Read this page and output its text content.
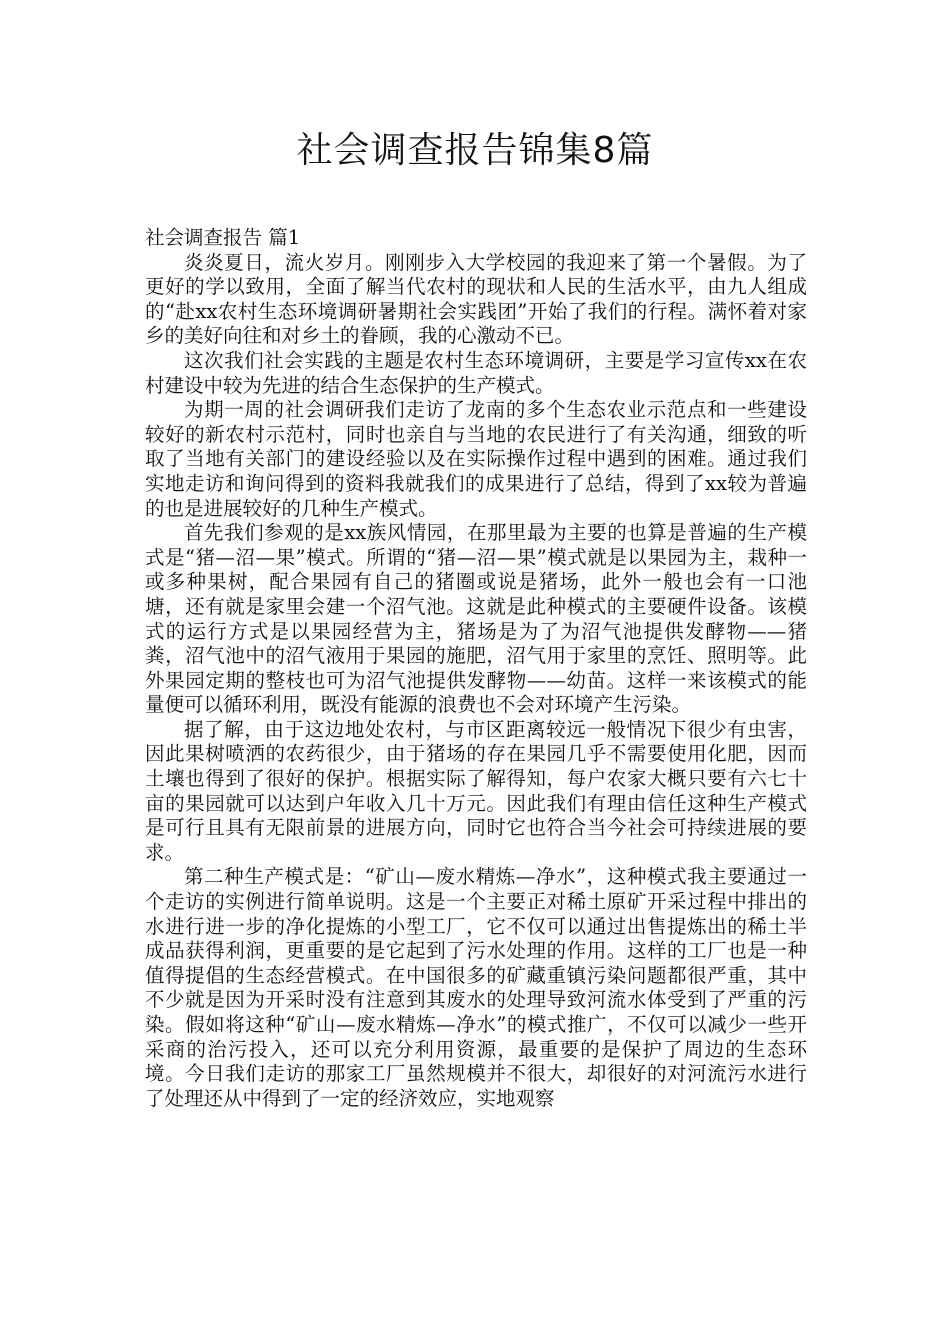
社会调查报告锦集8篇

社会调查报告 篇1

炎炎夏日，流火岁月。刚刚步入大学校园的我迎来了第一个暑假。为了更好的学以致用，全面了解当代农村的现状和人民的生活水平，由九人组成的“赴xx农村生态环境调研暑期社会实践团”开始了我们的行程。满怀着对家乡的美好向往和对乡土的眷顾，我的心激动不已。

这次我们社会实践的主题是农村生态环境调研，主要是学习宣传xx在农村建设中较为先进的结合生态保护的生产模式。

为期一周的社会调研我们走访了龙南的多个生态农业示范点和一些建设较好的新农村示范村，同时也亲自与当地的农民进行了有关沟通，细致的听取了当地有关部门的建设经验以及在实际操作过程中遇到的困难。通过我们实地走访和询问得到的资料我就我们的成果进行了总结，得到了xx较为普遍的也是进展较好的几种生产模式。

首先我们参观的是xx族风情园，在那里最为主要的也算是普遍的生产模式是“猪—沼—果”模式。所谓的“猪—沼—果”模式就是以果园为主，栽种一或多种果树，配合果园有自己的猪圈或说是猪场，此外一般也会有一口池塘，还有就是家里会建一个沼气池。这就是此种模式的主要硬件设备。该模式的运行方式是以果园经营为主，猪场是为了为沼气池提供发酵物——猪粪，沼气池中的沼气液用于果园的施肥，沼气用于家里的烹饪、照明等。此外果园定期的整枝也可为沼气池提供发酵物——幼苗。这样一来该模式的能量便可以循环利用，既没有能源的浪费也不会对环境产生污染。

据了解，由于这边地处农村，与市区距离较远一般情况下很少有虫害，因此果树喷洒的农药很少，由于猪场的存在果园几乎不需要使用化肥，因而土壤也得到了很好的保护。根据实际了解得知，每户农家大概只要有六七十亩的果园就可以达到户年收入几十万元。因此我们有理由信任这种生产模式是可行且具有无限前景的进展方向，同时它也符合当今社会可持续进展的要求。

第二种生产模式是：“矿山—废水精炼—净水”，这种模式我主要通过一个走访的实例进行简单说明。这是一个主要正对稀土原矿开采过程中排出的水进行进一步的净化提炼的小型工厂，它不仅可以通过出售提炼出的稀土半成品获得利润，更重要的是它起到了污水处理的作用。这样的工厂也是一种值得提倡的生态经营模式。在中国很多的矿藏重镇污染问题都很严重，其中不少就是因为开采时没有注意到其废水的处理导致河流水体受到了严重的污染。假如将这种“矿山—废水精炼—净水”的模式推广，不仅可以减少一些开采商的治污投入，还可以充分利用资源，最重要的是保护了周边的生态环境。今日我们走访的那家工厂虽然规模并不很大，却很好的对河流污水进行了处理还从中得到了一定的经济效应，实地观察
